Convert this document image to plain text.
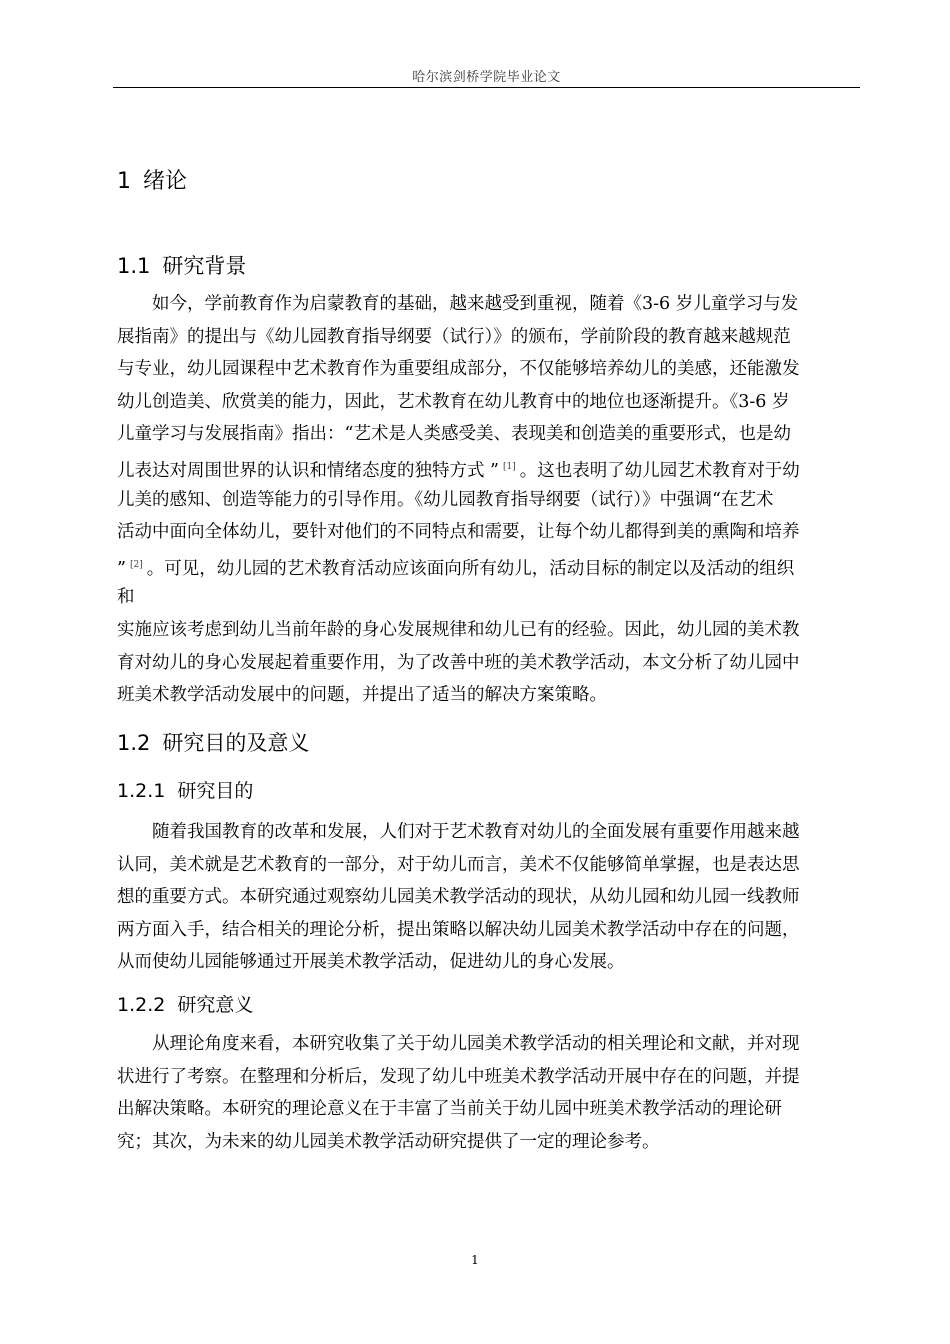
哈尔滨剑桥学院毕业论文
1 绪论
1.1 研究背景
如今，学前教育作为启蒙教育的基础，越来越受到重视，随着《3-6 岁儿童学习与发
展指南》的提出与《幼儿园教育指导纲要（试行）》的颁布，学前阶段的教育越来越规范
与专业，幼儿园课程中艺术教育作为重要组成部分，不仅能够培养幼儿的美感，还能激发
幼儿创造美、欣赏美的能力，因此，艺术教育在幼儿教育中的地位也逐渐提升。《3-6 岁
儿童学习与发展指南》指出：“艺术是人类感受美、表现美和创造美的重要形式，也是幼
儿表达对周围世界的认识和情绪态度的独特方式 ” [1] 。这也表明了幼儿园艺术教育对于幼
儿美的感知、创造等能力的引导作用。《幼儿园教育指导纲要（试行）》中强调“在艺术
活动中面向全体幼儿，要针对他们的不同特点和需要，让每个幼儿都得到美的熏陶和培养
” [2] 。可见，幼儿园的艺术教育活动应该面向所有幼儿，活动目标的制定以及活动的组织
和
实施应该考虑到幼儿当前年龄的身心发展规律和幼儿已有的经验。因此，幼儿园的美术教
育对幼儿的身心发展起着重要作用，为了改善中班的美术教学活动，本文分析了幼儿园中
班美术教学活动发展中的问题，并提出了适当的解决方案策略。
1.2 研究目的及意义
1.2.1 研究目的
随着我国教育的改革和发展，人们对于艺术教育对幼儿的全面发展有重要作用越来越
认同，美术就是艺术教育的一部分，对于幼儿而言，美术不仅能够简单掌握，也是表达思
想的重要方式。本研究通过观察幼儿园美术教学活动的现状，从幼儿园和幼儿园一线教师
两方面入手，结合相关的理论分析，提出策略以解决幼儿园美术教学活动中存在的问题，
从而使幼儿园能够通过开展美术教学活动，促进幼儿的身心发展。
1.2.2 研究意义
从理论角度来看，本研究收集了关于幼儿园美术教学活动的相关理论和文献，并对现
状进行了考察。在整理和分析后，发现了幼儿中班美术教学活动开展中存在的问题，并提
出解决策略。本研究的理论意义在于丰富了当前关于幼儿园中班美术教学活动的理论研
究；其次，为未来的幼儿园美术教学活动研究提供了一定的理论参考。
1
